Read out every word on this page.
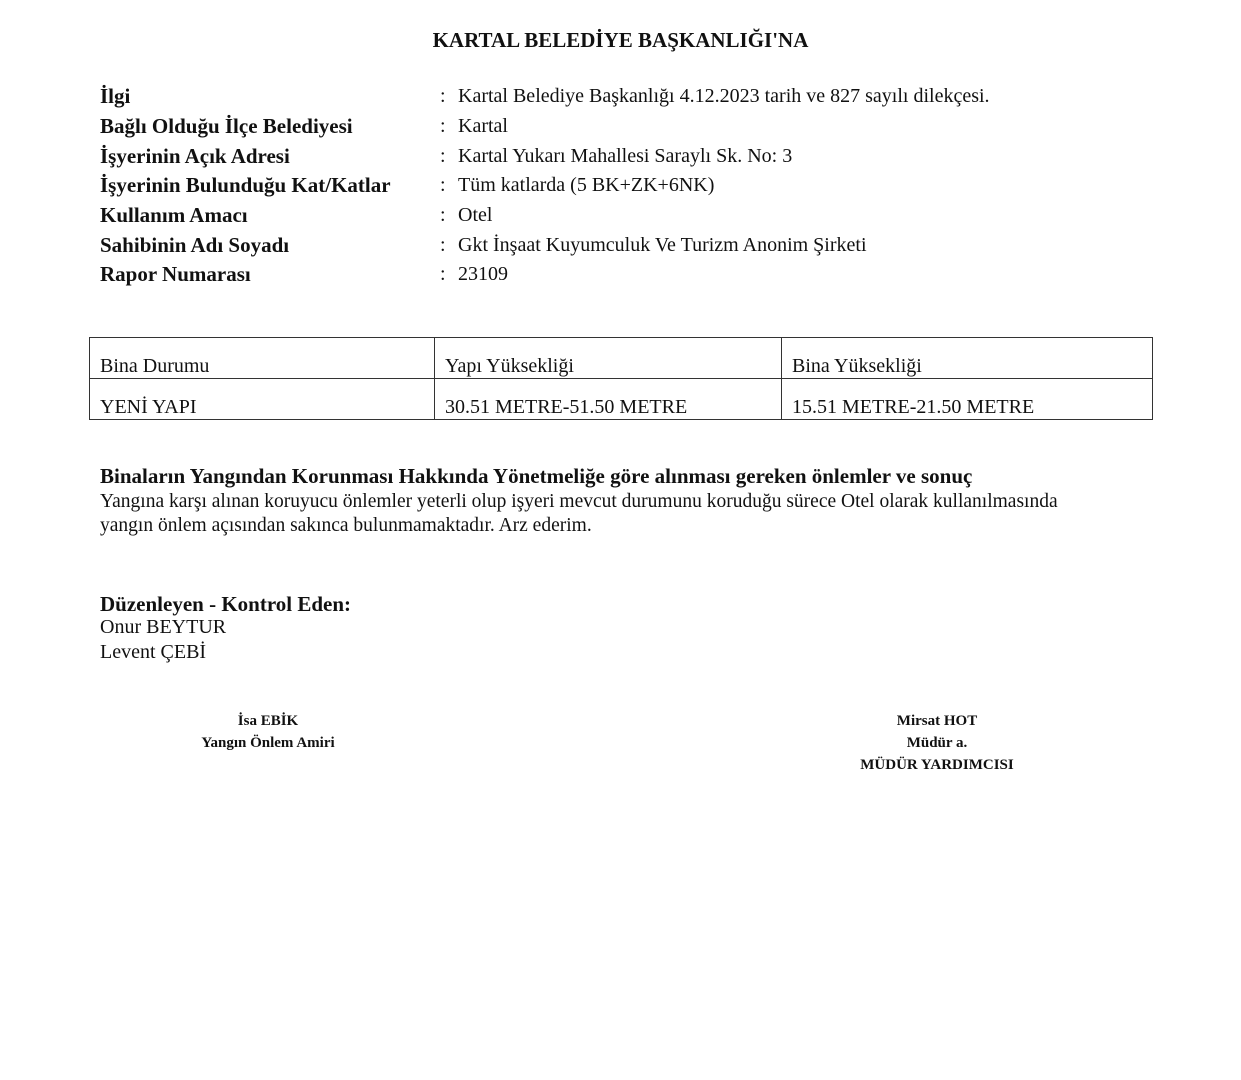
KARTAL BELEDİYE BAŞKANLIĞI'NA
İlgi	: Kartal Belediye Başkanlığı 4.12.2023 tarih ve 827 sayılı dilekçesi.
Bağlı Olduğu İlçe Belediyesi	: Kartal
İşyerinin Açık Adresi	: Kartal Yukarı Mahallesi Saraylı Sk. No: 3
İşyerinin Bulunduğu Kat/Katlar	: Tüm katlarda (5 BK+ZK+6NK)
Kullanım Amacı	: Otel
Sahibinin Adı Soyadı	: Gkt İnşaat Kuyumculuk Ve Turizm Anonim Şirketi
Rapor Numarası	: 23109
Bina Durumu	Yapı Yüksekliği	Bina Yüksekliği
YENİ YAPI	30.51 METRE-51.50 METRE	15.51 METRE-21.50 METRE
Binaların Yangından Korunması Hakkında Yönetmeliğe göre alınması gereken önlemler ve sonuç
Yangına karşı alınan koruyucu önlemler yeterli olup işyeri mevcut durumunu koruduğu sürece Otel olarak kullanılmasında
yangın önlem açısından sakınca bulunmamaktadır. Arz ederim.
Düzenleyen - Kontrol Eden:
Onur BEYTUR
Levent ÇEBİ
İsa EBİK
Yangın Önlem Amiri
Mirsat HOT
Müdür a.
MÜDÜR YARDIMCISI
